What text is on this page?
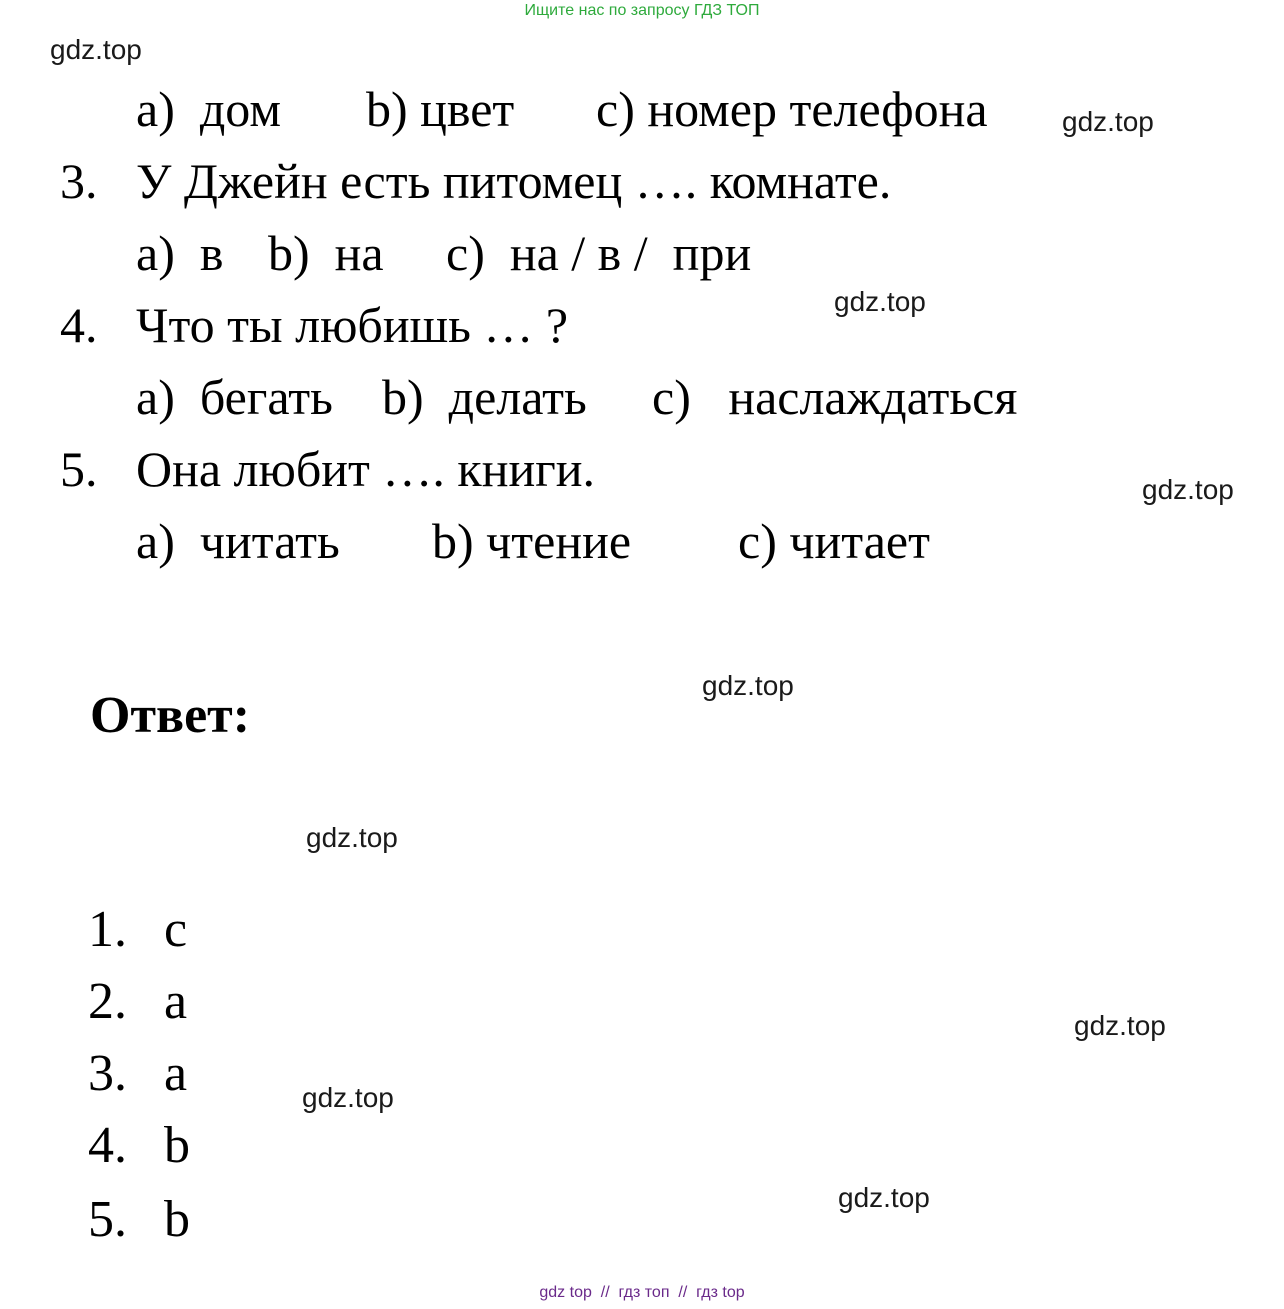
Ищите нас по запросу ГДЗ ТОП
gdz.top
gdz.top
gdz.top
gdz.top
gdz.top
gdz.top
gdz.top
gdz.top
gdz.top
a)  дом b) цвет c) номер телефона
3. У Джейн есть питомец …. комнате.
a)  в b)  на c)  на / в /  при
4. Что ты любишь … ?
a)  бегать b)  делать c)   наслаждаться
5. Она любит …. книги.
a)  читать b) чтение c) читает
Ответ:
1. c
2. a
3. a
4. b
5. b
gdz top  //  гдз топ  //  гдз top
